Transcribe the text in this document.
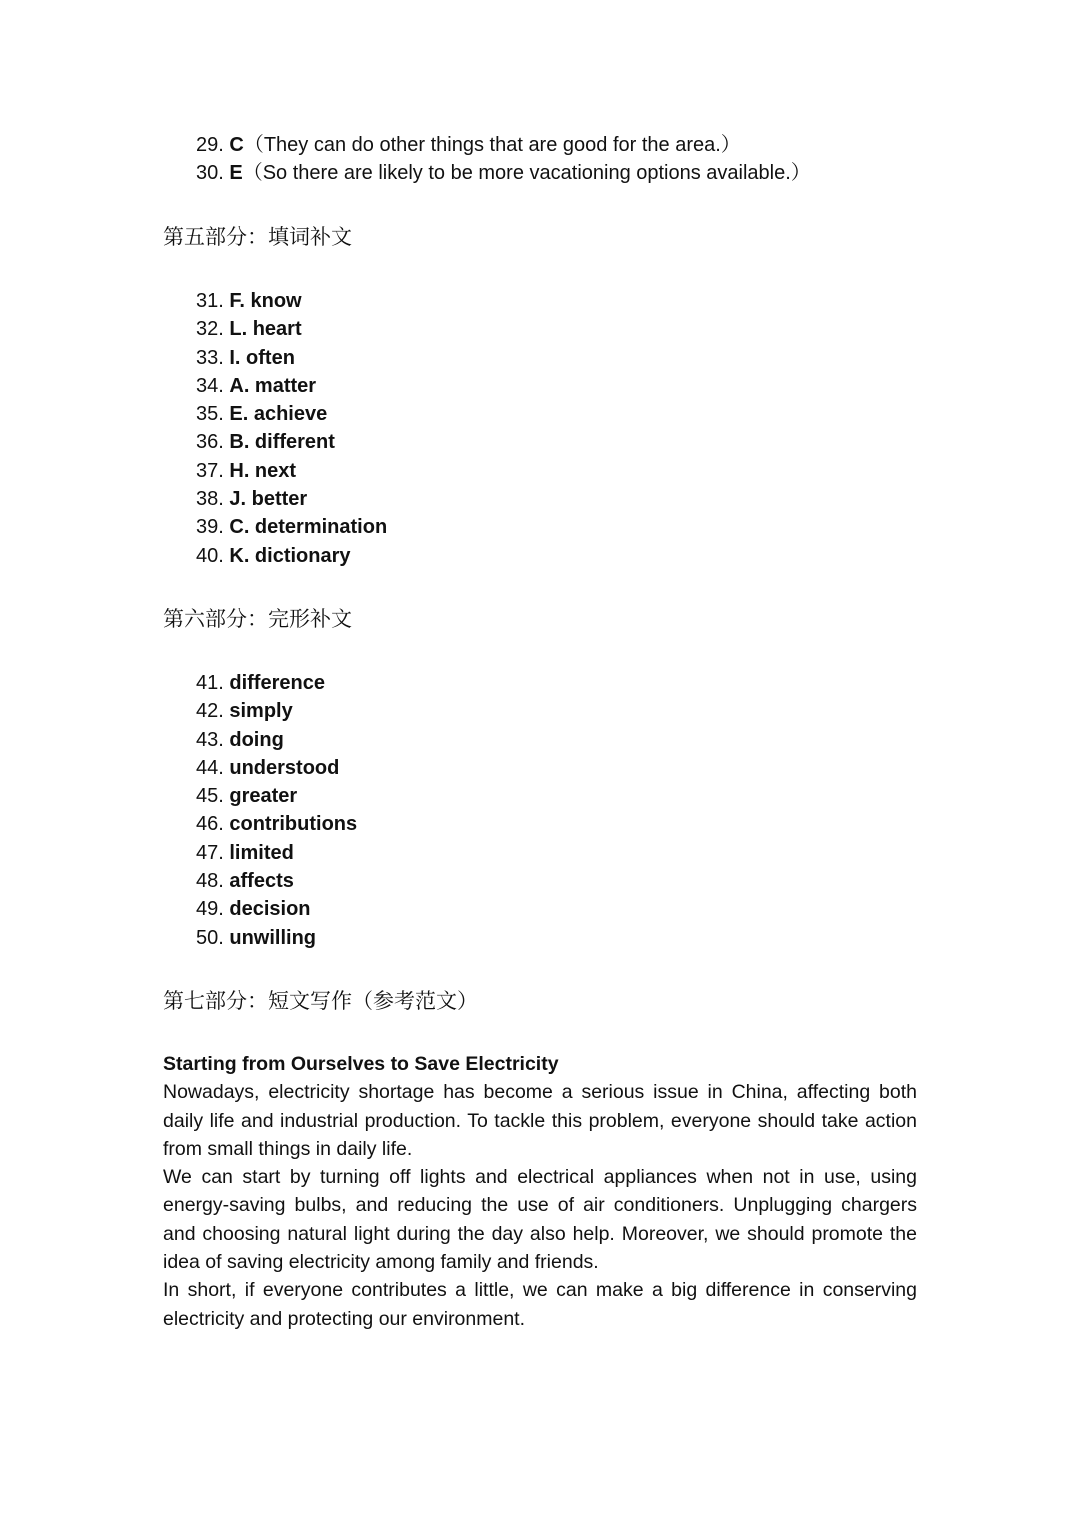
29. C（They can do other things that are good for the area.）
30. E（So there are likely to be more vacationing options available.）
第五部分：填词补文
31. F. know
32. L. heart
33. I. often
34. A. matter
35. E. achieve
36. B. different
37. H. next
38. J. better
39. C. determination
40. K. dictionary
第六部分：完形补文
41. difference
42. simply
43. doing
44. understood
45. greater
46. contributions
47. limited
48. affects
49. decision
50. unwilling
第七部分：短文写作（参考范文）
Starting from Ourselves to Save Electricity

Nowadays, electricity shortage has become a serious issue in China, affecting both daily life and industrial production. To tackle this problem, everyone should take action from small things in daily life.

We can start by turning off lights and electrical appliances when not in use, using energy-saving bulbs, and reducing the use of air conditioners. Unplugging chargers and choosing natural light during the day also help. Moreover, we should promote the idea of saving electricity among family and friends.

In short, if everyone contributes a little, we can make a big difference in conserving electricity and protecting our environment.
